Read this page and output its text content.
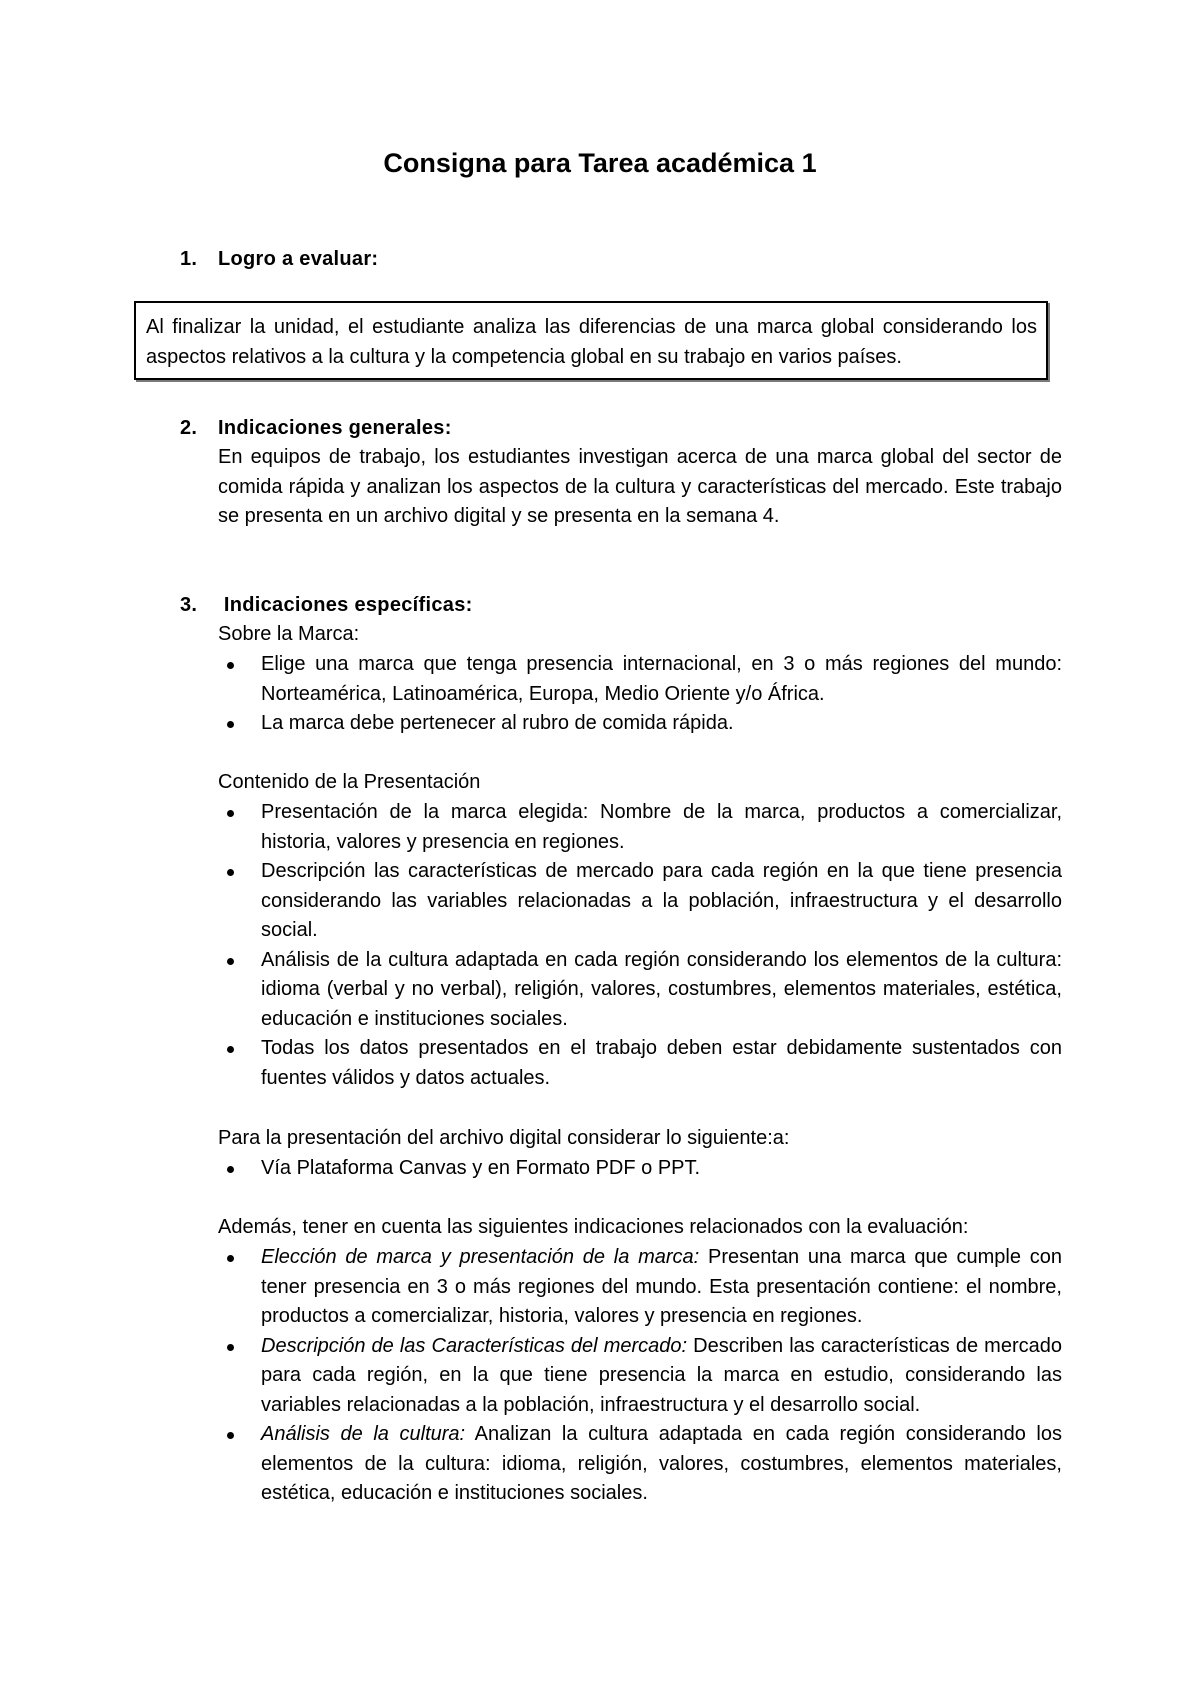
Consigna para Tarea académica 1
1. Logro a evaluar:
Al finalizar la unidad, el estudiante analiza las diferencias de una marca global considerando los aspectos relativos a la cultura y la competencia global en su trabajo en varios países.
2. Indicaciones generales:
En equipos de trabajo, los estudiantes investigan acerca de una marca global del sector de comida rápida y analizan los aspectos de la cultura y características del mercado. Este trabajo se presenta en un archivo digital y se presenta en la semana 4.
3. Indicaciones específicas:
Sobre la Marca:
Elige una marca que tenga presencia internacional, en 3 o más regiones del mundo: Norteamérica, Latinoamérica, Europa, Medio Oriente y/o África.
La marca debe pertenecer al rubro de comida rápida.
Contenido de la Presentación
Presentación de la marca elegida: Nombre de la marca, productos a comercializar, historia, valores y presencia en regiones.
Descripción las características de mercado para cada región en la que tiene presencia considerando las variables relacionadas a la población, infraestructura y el desarrollo social.
Análisis de la cultura adaptada en cada región considerando los elementos de la cultura: idioma (verbal y no verbal), religión, valores, costumbres, elementos materiales, estética, educación e instituciones sociales.
Todas los datos presentados en el trabajo deben estar debidamente sustentados con fuentes válidos y datos actuales.
Para la presentación del archivo digital considerar lo siguiente:a:
Vía Plataforma Canvas y en Formato PDF o PPT.
Además, tener en cuenta las siguientes indicaciones relacionados con la evaluación:
Elección de marca y presentación de la marca: Presentan una marca que cumple con tener presencia en 3 o más regiones del mundo. Esta presentación contiene: el nombre, productos a comercializar, historia, valores y presencia en regiones.
Descripción de las Características del mercado: Describen las características de mercado para cada región, en la que tiene presencia la marca en estudio, considerando las variables relacionadas a la población, infraestructura y el desarrollo social.
Análisis de la cultura: Analizan la cultura adaptada en cada región considerando los elementos de la cultura: idioma, religión, valores, costumbres, elementos materiales, estética, educación e instituciones sociales.
